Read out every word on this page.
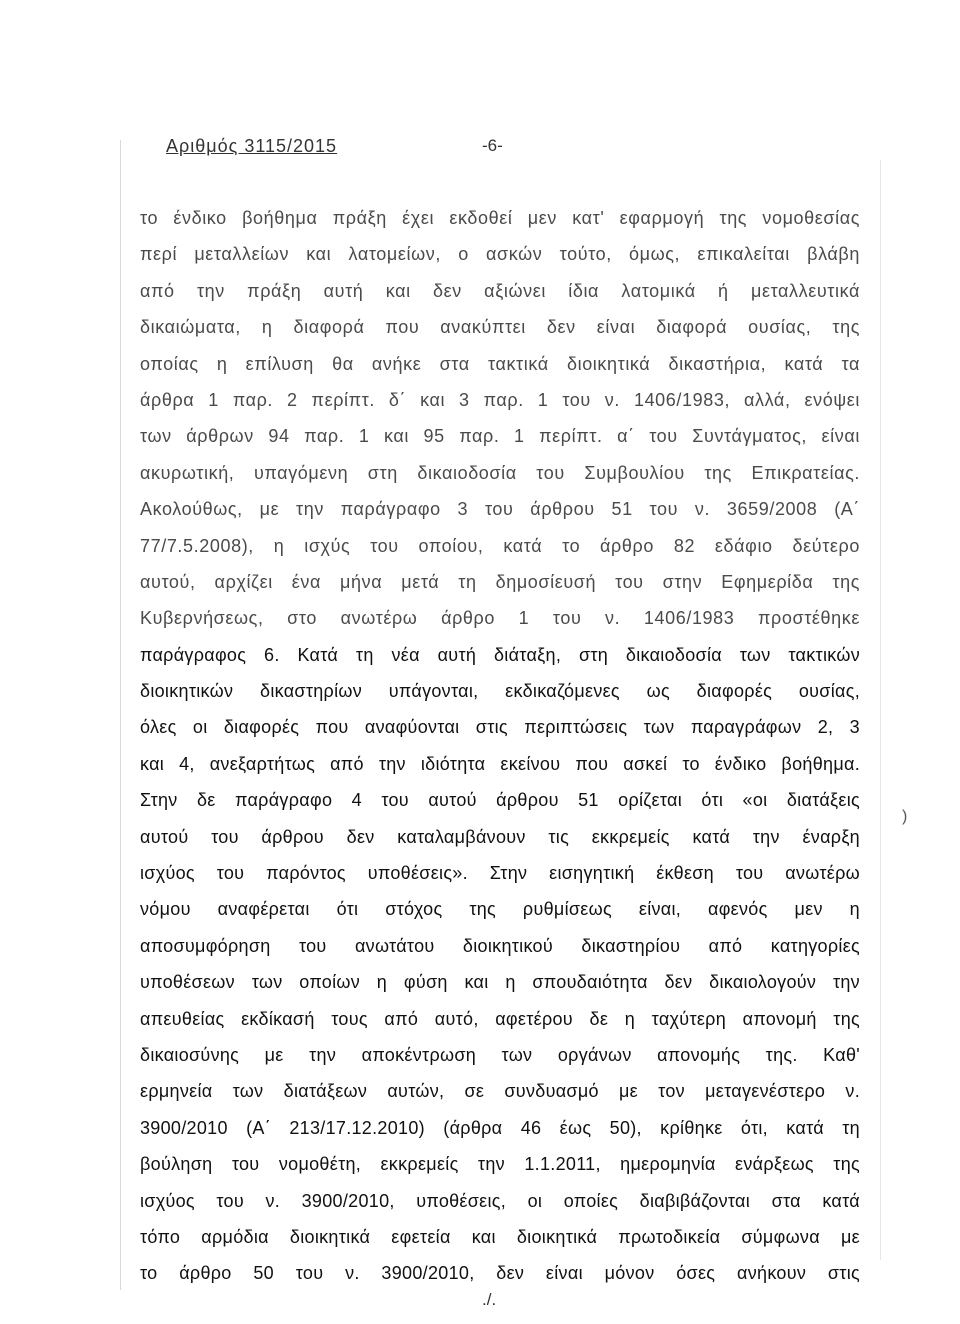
Αριθμός 3115/2015	-6-
το ένδικο βοήθημα πράξη έχει εκδοθεί μεν κατ' εφαρμογή της νομοθεσίας
περί μεταλλείων και λατομείων, ο ασκών τούτο, όμως, επικαλείται βλάβη
από την πράξη αυτή και δεν αξιώνει ίδια λατομικά ή μεταλλευτικά
δικαιώματα, η διαφορά που ανακύπτει δεν είναι διαφορά ουσίας, της
οποίας η επίλυση θα ανήκε στα τακτικά διοικητικά δικαστήρια, κατά τα
άρθρα 1 παρ. 2 περίπτ. δ΄ και 3 παρ. 1 του ν. 1406/1983, αλλά, ενόψει
των άρθρων 94 παρ. 1 και 95 παρ. 1 περίπτ. α΄ του Συντάγματος, είναι
ακυρωτική, υπαγόμενη στη δικαιοδοσία του Συμβουλίου της Επικρατείας.
Ακολούθως, με την παράγραφο 3 του άρθρου 51 του ν. 3659/2008 (Α΄
77/7.5.2008), η ισχύς του οποίου, κατά το άρθρο 82 εδάφιο δεύτερο
αυτού, αρχίζει ένα μήνα μετά τη δημοσίευσή του στην Εφημερίδα της
Κυβερνήσεως, στο ανωτέρω άρθρο 1 του ν. 1406/1983 προστέθηκε
παράγραφος 6. Κατά τη νέα αυτή διάταξη, στη δικαιοδοσία των τακτικών
διοικητικών δικαστηρίων υπάγονται, εκδικαζόμενες ως διαφορές ουσίας,
όλες οι διαφορές που αναφύονται στις περιπτώσεις των παραγράφων 2, 3
και 4, ανεξαρτήτως από την ιδιότητα εκείνου που ασκεί το ένδικο βοήθημα.
Στην δε παράγραφο 4 του αυτού άρθρου 51 ορίζεται ότι «οι διατάξεις
αυτού του άρθρου δεν καταλαμβάνουν τις εκκρεμείς κατά την έναρξη
ισχύος του παρόντος υποθέσεις». Στην εισηγητική έκθεση του ανωτέρω
νόμου αναφέρεται ότι στόχος της ρυθμίσεως είναι, αφενός μεν η
αποσυμφόρηση του ανωτάτου διοικητικού δικαστηρίου από κατηγορίες
υποθέσεων των οποίων η φύση και η σπουδαιότητα δεν δικαιολογούν την
απευθείας εκδίκασή τους από αυτό, αφετέρου δε η ταχύτερη απονομή της
δικαιοσύνης με την αποκέντρωση των οργάνων απονομής της. Καθ'
ερμηνεία των διατάξεων αυτών, σε συνδυασμό με τον μεταγενέστερο ν.
3900/2010 (Α΄ 213/17.12.2010) (άρθρα 46 έως 50), κρίθηκε ότι, κατά τη
βούληση του νομοθέτη, εκκρεμείς την 1.1.2011, ημερομηνία ενάρξεως της
ισχύος του ν. 3900/2010, υποθέσεις, οι οποίες διαβιβάζονται στα κατά
τόπο αρμόδια διοικητικά εφετεία και διοικητικά πρωτοδικεία σύμφωνα με
το άρθρο 50 του ν. 3900/2010, δεν είναι μόνον όσες ανήκουν στις
)
./.
